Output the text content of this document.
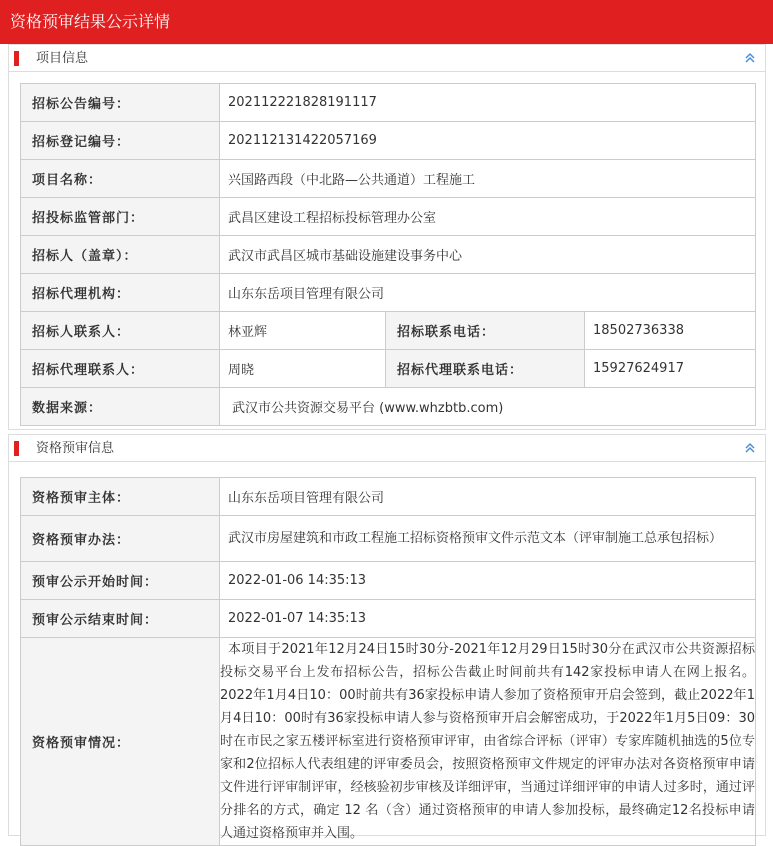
资格预审结果公示详情
项目信息
招标公告编号：	202112221828191117		
招标登记编号：	202112131422057169		
项目名称：	兴国路西段（中北路—公共通道）工程施工		
招投标监管部门：	武昌区建设工程招标投标管理办公室		
招标人（盖章）：	武汉市武昌区城市基础设施建设事务中心		
招标代理机构：	山东东岳项目管理有限公司		
招标人联系人：	林亚辉	招标联系电话：	18502736338
招标代理联系人：	周晓	招标代理联系电话：	15927624917
数据来源：	武汉市公共资源交易平台 (www.whzbtb.com)		
资格预审信息
资格预审主体：	山东东岳项目管理有限公司
资格预审办法：	武汉市房屋建筑和市政工程施工招标资格预审文件示范文本（评审制施工总承包招标）

预审公示开始时间：	2022-01-06 14:35:13
预审公示结束时间：	2022-01-07 14:35:13
资格预审情况：	本项目于2021年12月24日15时30分-2021年12月29日15时30分在武汉市公共资源招标投标交易平台上发布招标公告，招标公告截止时间前共有142家投标申请人在网上报名。2022年1月4日10：00时前共有36家投标申请人参加了资格预审开启会签到，截止2022年1月4日10：00时有36家投标申请人参与资格预审开启会解密成功，于2022年1月5日09：30时在市民之家五楼评标室进行资格预审评审，由省综合评标（评审）专家库随机抽选的5位专家和2位招标人代表组建的评审委员会，按照资格预审文件规定的评审办法对各资格预审申请文件进行评审制评审，经核验初步审核及详细评审，当通过详细评审的申请人过多时，通过评分排名的方式，确定 12 名（含）通过资格预审的申请人参加投标，最终确定12名投标申请人通过资格预审并入围。
